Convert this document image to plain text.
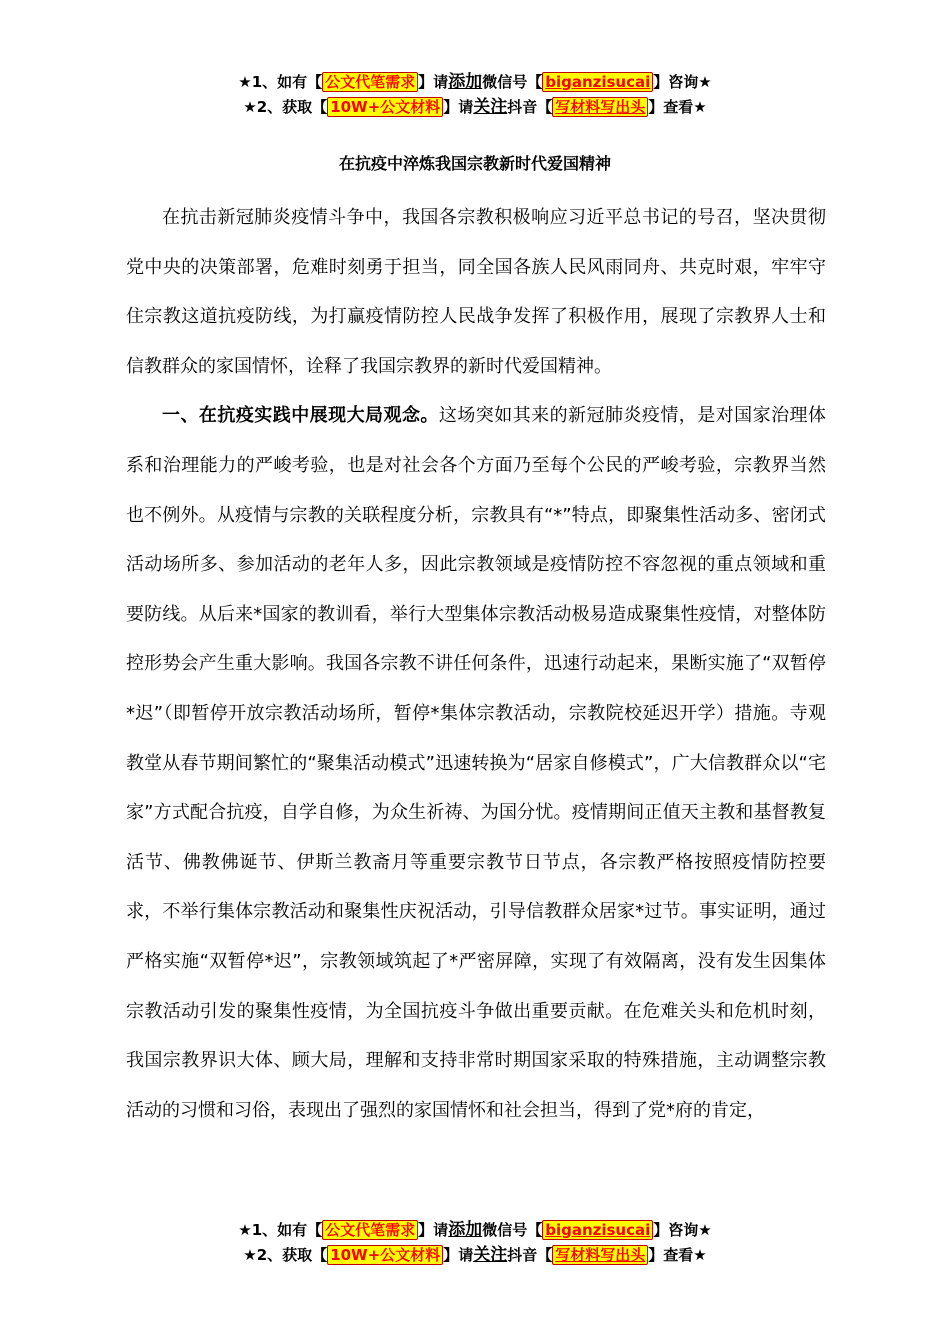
★1、如有【 公文代笔需求 】请添加微信号【 biganzisucai 】咨询★
★2、获取【 10W+公文材料 】请关注抖音【 写材料写出头 】查看★
在抗疫中淬炼我国宗教新时代爱国精神

在抗击新冠肺炎疫情斗争中，我国各宗教积极响应习近平总书记的号召，坚决贯彻党中央的决策部署，危难时刻勇于担当，同全国各族人民风雨同舟、共克时艰，牢牢守住宗教这道抗疫防线，为打赢疫情防控人民战争发挥了积极作用，展现了宗教界人士和信教群众的家国情怀，诠释了我国宗教界的新时代爱国精神。

一、在抗疫实践中展现大局观念。这场突如其来的新冠肺炎疫情，是对国家治理体系和治理能力的严峻考验，也是对社会各个方面乃至每个公民的严峻考验，宗教界当然也不例外。从疫情与宗教的关联程度分析，宗教具有“*”特点，即聚集性活动多、密闭式活动场所多、参加活动的老年人多，因此宗教领域是疫情防控不容忽视的重点领域和重要防线。从后来*国家的教训看，举行大型集体宗教活动极易造成聚集性疫情，对整体防控形势会产生重大影响。我国各宗教不讲任何条件，迅速行动起来，果断实施了“双暂停*迟”（即暂停开放宗教活动场所，暂停*集体宗教活动，宗教院校延迟开学）措施。寺观教堂从春节期间繁忙的“聚集活动模式”迅速转换为“居家自修模式”，广大信教群众以“宅家”方式配合抗疫，自学自修，为众生祈祷、为国分忧。疫情期间正值天主教和基督教复活节、佛教佛诞节、伊斯兰教斋月等重要宗教节日节点，各宗教严格按照疫情防控要求，不举行集体宗教活动和聚集性庆祝活动，引导信教群众居家*过节。事实证明，通过严格实施“双暂停*迟”，宗教领域筑起了*严密屏障，实现了有效隔离，没有发生因集体宗教活动引发的聚集性疫情，为全国抗疫斗争做出重要贡献。在危难关头和危机时刻，我国宗教界识大体、顾大局，理解和支持非常时期国家采取的特殊措施，主动调整宗教活动的习惯和习俗，表现出了强烈的家国情怀和社会担当，得到了党*府的肯定，

★1、如有【 公文代笔需求 】请添加微信号【 biganzisucai 】咨询★
★2、获取【 10W+公文材料 】请关注抖音【 写材料写出头 】查看★
